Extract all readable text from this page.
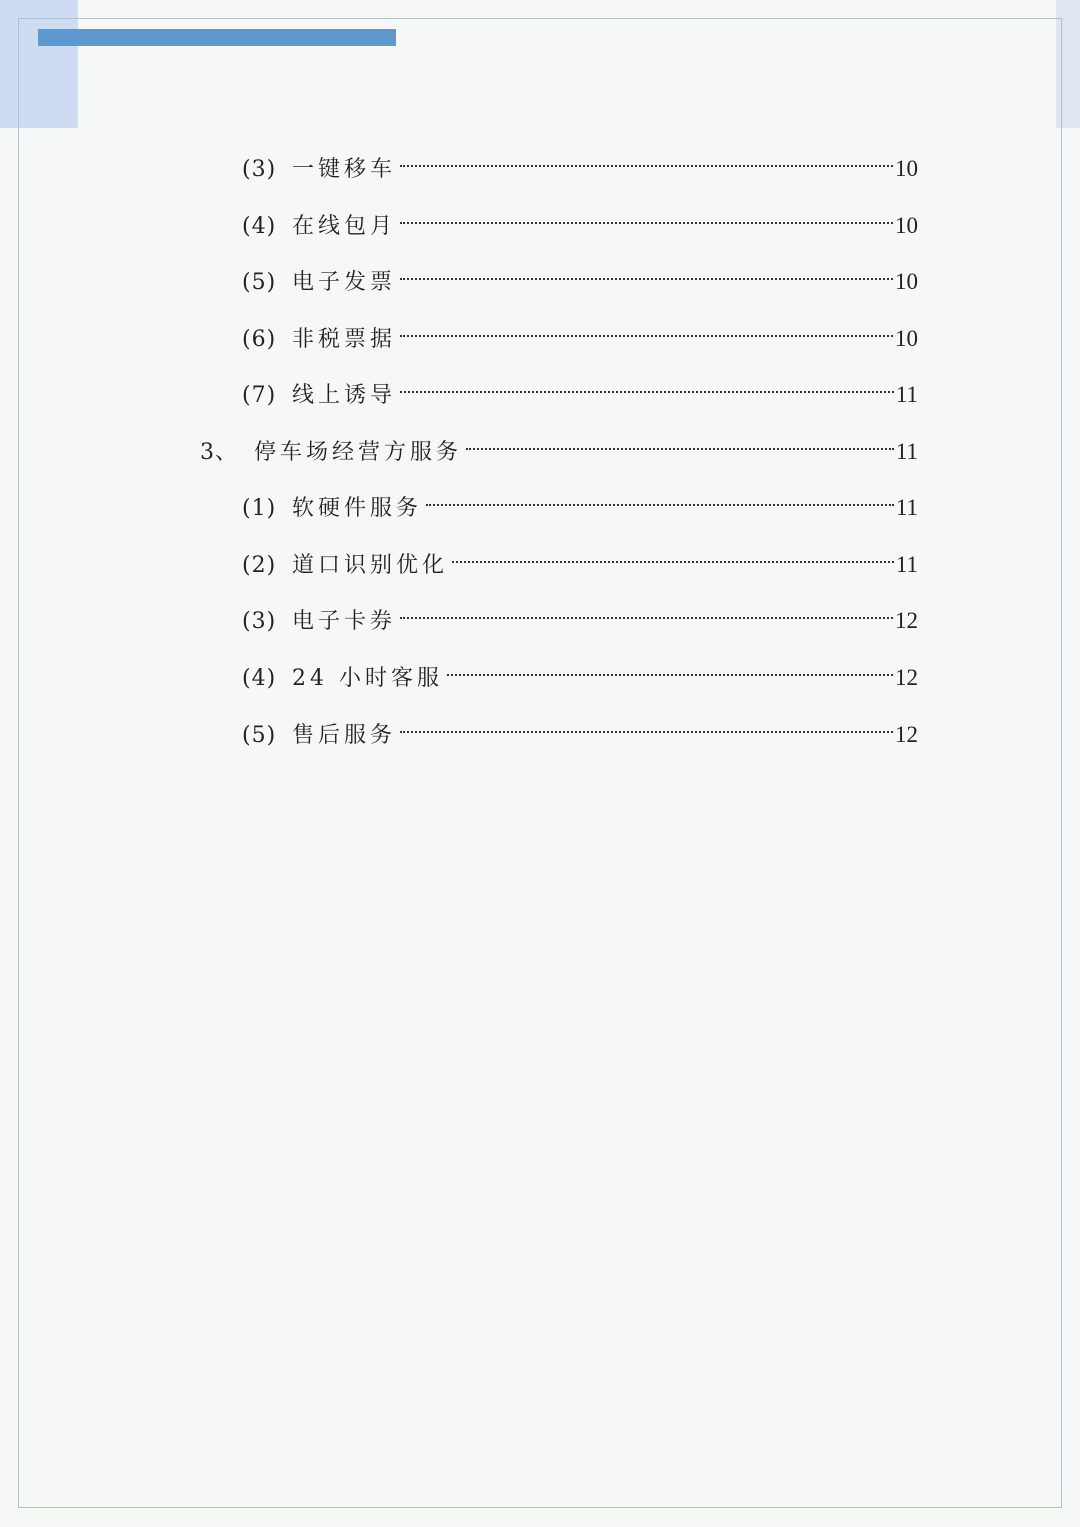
(3) 一键移车	10
(4) 在线包月	10
(5) 电子发票	10
(6) 非税票据	10
(7) 线上诱导	11
3、 停车场经营方服务	11
(1) 软硬件服务	11
(2) 道口识别优化	11
(3) 电子卡券	12
(4) 24 小时客服	12
(5) 售后服务	12
